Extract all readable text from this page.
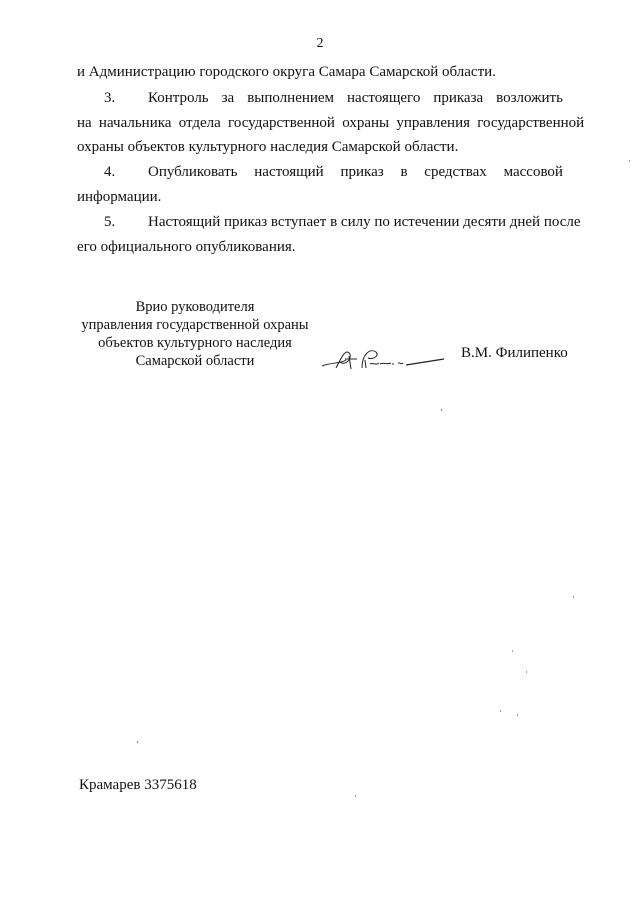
2
и Администрацию городского округа Самара Самарской области.
3. Контроль за выполнением настоящего приказа возложить
на начальника отдела государственной охраны управления государственной
охраны объектов культурного наследия Самарской области.
4. Опубликовать настоящий приказ в средствах массовой
информации.
5. Настоящий приказ вступает в силу по истечении десяти дней после
его официального опубликования.
Врио руководителя
управления государственной охраны
объектов культурного наследия
Самарской области	В.М. Филипенко
Крамарев 3375618
